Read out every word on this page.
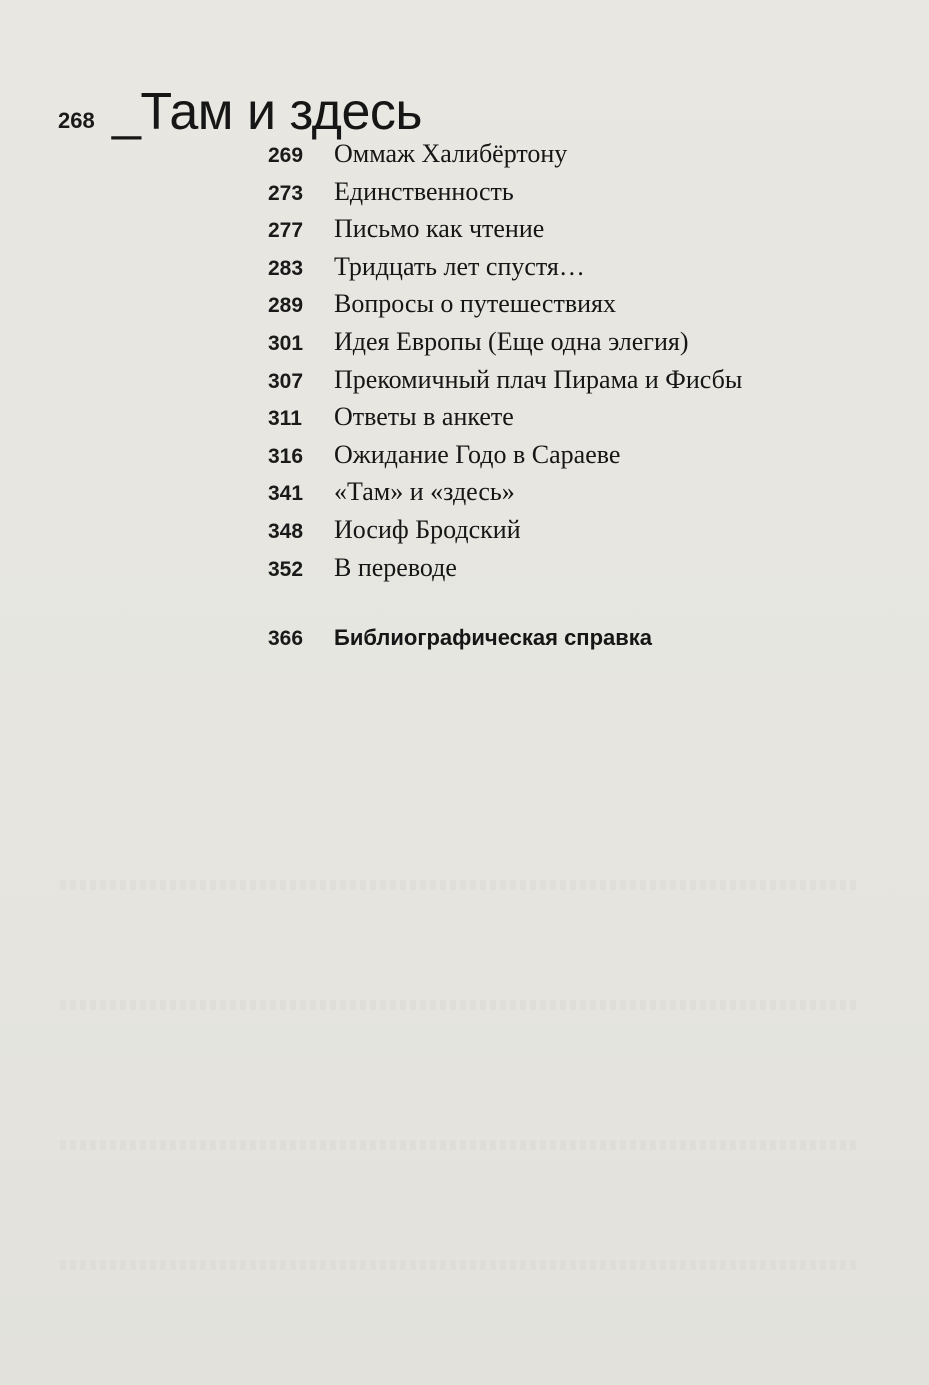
268 _Там и здесь
269	Оммаж Халибёртону
273	Единственность
277	Письмо как чтение
283	Тридцать лет спустя…
289	Вопросы о путешествиях
301	Идея Европы (Еще одна элегия)
307	Прекомичный плач Пирама и Фисбы
311	Ответы в анкете
316	Ожидание Годо в Сараеве
341	«Там» и «здесь»
348	Иосиф Бродский
352	В переводе
366	Библиографическая справка
